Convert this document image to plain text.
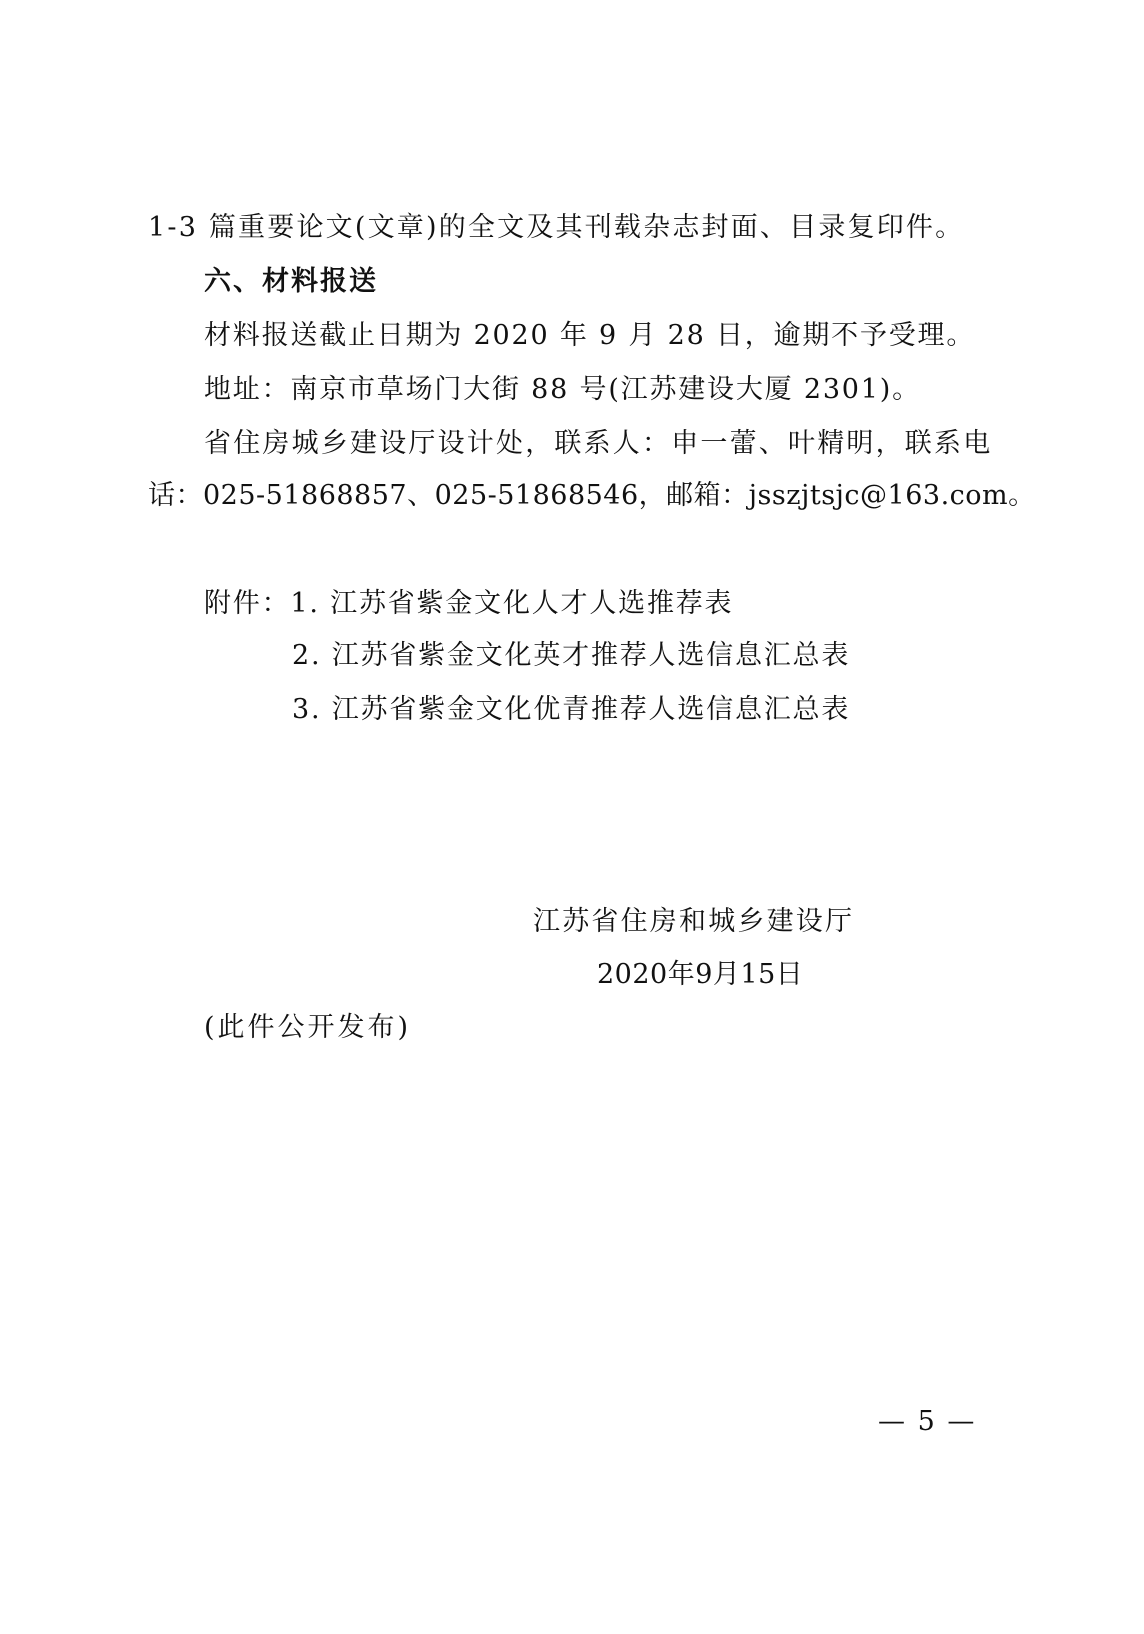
1-3 篇重要论文(文章)的全文及其刊载杂志封面、目录复印件。
六、材料报送
材料报送截止日期为 2020 年 9 月 28 日，逾期不予受理。
地址：南京市草场门大街 88 号(江苏建设大厦 2301)。
省住房城乡建设厅设计处，联系人：申一蕾、叶精明，联系电
话：025-51868857、025-51868546，邮箱：jsszjtsjc@163.com。
附件：1. 江苏省紫金文化人才人选推荐表
2. 江苏省紫金文化英才推荐人选信息汇总表
3. 江苏省紫金文化优青推荐人选信息汇总表
江苏省住房和城乡建设厅
2020年9月15日
(此件公开发布)
— 5 —
